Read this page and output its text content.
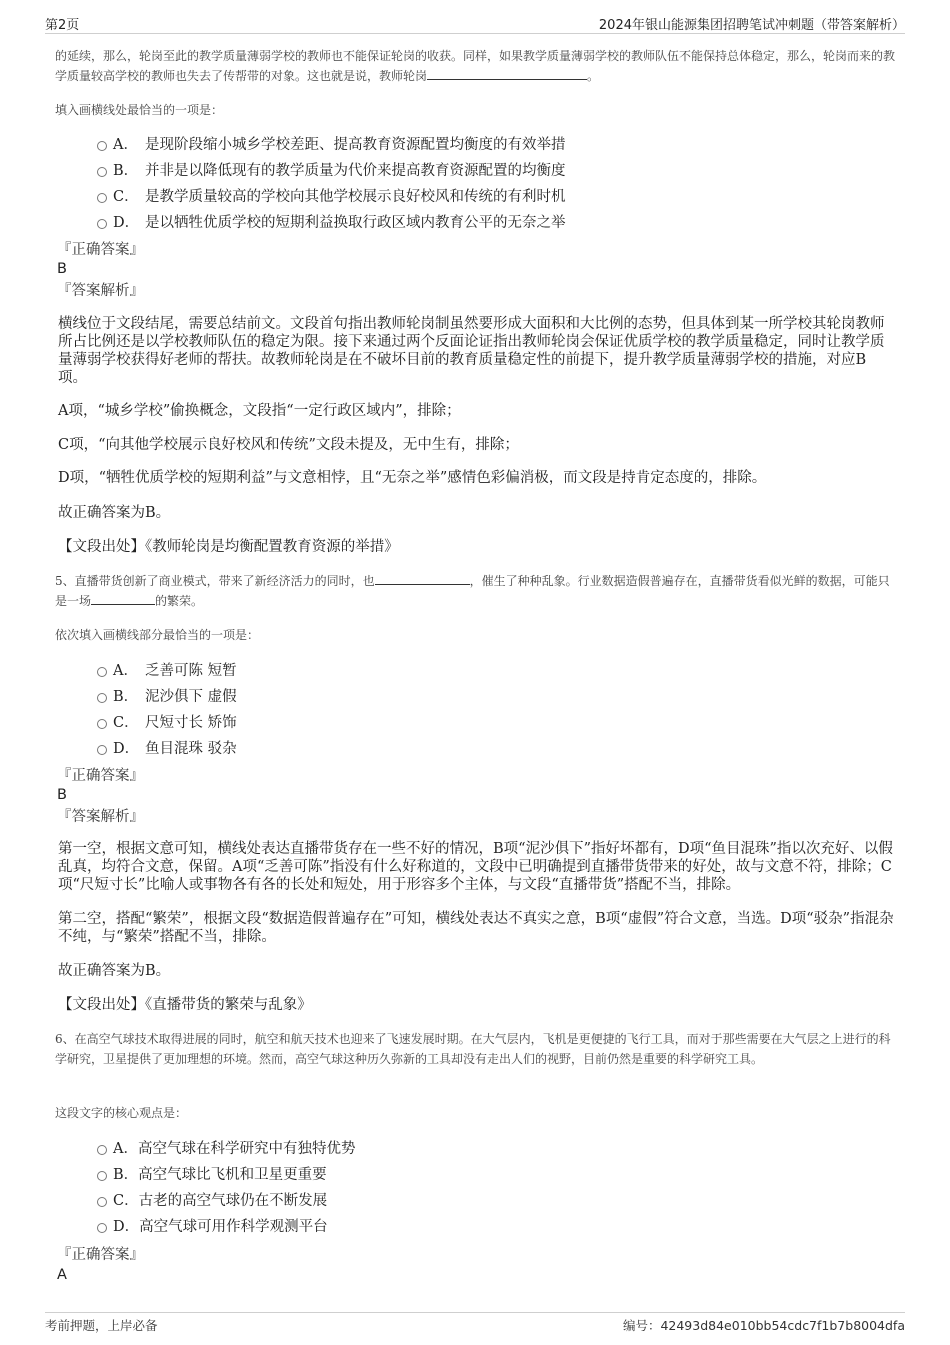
第2页	2024年银山能源集团招聘笔试冲刺题（带答案解析）
的延续，那么，轮岗至此的教学质量薄弱学校的教师也不能保证轮岗的收获。同样，如果教学质量薄弱学校的教师队伍不能保持总体稳定，那么，轮岗而来的教学质量较高学校的教师也失去了传帮带的对象。这也就是说，教师轮岗	。
填入画横线处最恰当的一项是：
A． 是现阶段缩小城乡学校差距、提高教育资源配置均衡度的有效举措
B． 并非是以降低现有的教学质量为代价来提高教育资源配置的均衡度
C． 是教学质量较高的学校向其他学校展示良好校风和传统的有利时机
D． 是以牺牲优质学校的短期利益换取行政区域内教育公平的无奈之举
『正确答案』
B
『答案解析』
横线位于文段结尾，需要总结前文。文段首句指出教师轮岗制虽然要形成大面积和大比例的态势，但具体到某一所学校其轮岗教师所占比例还是以学校教师队伍的稳定为限。接下来通过两个反面论证指出教师轮岗会保证优质学校的教学质量稳定，同时让教学质量薄弱学校获得好老师的帮扶。故教师轮岗是在不破坏目前的教育质量稳定性的前提下，提升教学质量薄弱学校的措施，对应B项。
A项，“城乡学校”偷换概念，文段指“一定行政区域内”，排除；
C项，“向其他学校展示良好校风和传统”文段未提及，无中生有，排除；
D项，“牺牲优质学校的短期利益”与文意相悖，且“无奈之举”感情色彩偏消极，而文段是持肯定态度的，排除。
故正确答案为B。
【文段出处】《教师轮岗是均衡配置教育资源的举措》
5、直播带货创新了商业模式，带来了新经济活力的同时，也	，催生了种种乱象。行业数据造假普遍存在，直播带货看似光鲜的数据，可能只是一场	的繁荣。
依次填入画横线部分最恰当的一项是：
A． 乏善可陈 短暂
B． 泥沙俱下 虚假
C． 尺短寸长 矫饰
D． 鱼目混珠 驳杂
『正确答案』
B
『答案解析』
第一空，根据文意可知，横线处表达直播带货存在一些不好的情况，B项“泥沙俱下”指好坏都有，D项“鱼目混珠”指以次充好、以假乱真，均符合文意，保留。A项“乏善可陈”指没有什么好称道的，文段中已明确提到直播带货带来的好处，故与文意不符，排除；C项“尺短寸长”比喻人或事物各有各的长处和短处，用于形容多个主体，与文段“直播带货”搭配不当，排除。
第二空，搭配“繁荣”，根据文段“数据造假普遍存在”可知，横线处表达不真实之意，B项“虚假”符合文意，当选。D项“驳杂”指混杂不纯，与“繁荣”搭配不当，排除。
故正确答案为B。
【文段出处】《直播带货的繁荣与乱象》
6、在高空气球技术取得进展的同时，航空和航天技术也迎来了飞速发展时期。在大气层内，飞机是更便捷的飞行工具，而对于那些需要在大气层之上进行的科学研究，卫星提供了更加理想的环境。然而，高空气球这种历久弥新的工具却没有走出人们的视野，目前仍然是重要的科学研究工具。
这段文字的核心观点是：
A．高空气球在科学研究中有独特优势
B．高空气球比飞机和卫星更重要
C．古老的高空气球仍在不断发展
D．高空气球可用作科学观测平台
『正确答案』
A
考前押题，上岸必备	编号：42493d84e010bb54cdc7f1b7b8004dfa
